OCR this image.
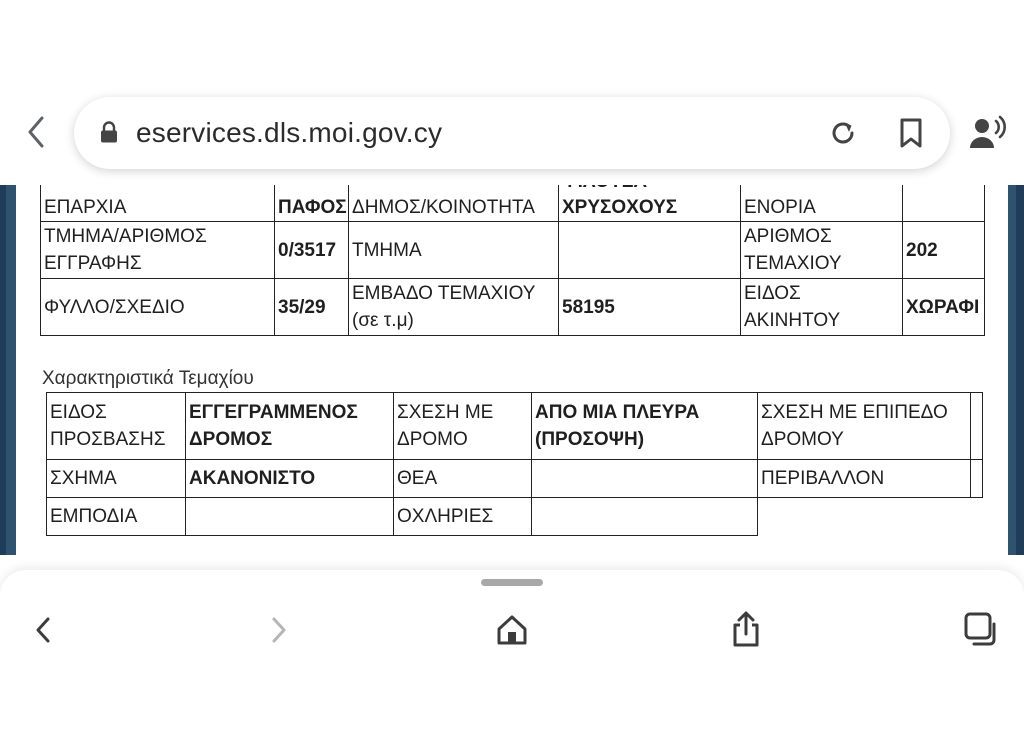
ΕΠΑΡΧΙΑ	ΠΑΦΟΣ	ΔΗΜΟΣ/ΚΟΙΝΟΤΗΤΑ	ΧΡΥΣΟΧΟΥΣ	ΕΝΟΡΙΑ	
ΤΜΗΜΑ/ΑΡΙΘΜΟΣ ΕΓΓΡΑΦΗΣ	0/3517	ΤΜΗΜΑ		ΑΡΙΘΜΟΣ ΤΕΜΑΧΙΟΥ	202
ΦΥΛΛΟ/ΣΧΕΔΙΟ	35/29	ΕΜΒΑΔΟ ΤΕΜΑΧΙΟΥ (σε τ.μ)	58195	ΕΙΔΟΣ ΑΚΙΝΗΤΟΥ	ΧΩΡΑΦΙ
Χαρακτηριστικά Τεμαχίου
ΕΙΔΟΣ ΠΡΟΣΒΑΣΗΣ	ΕΓΓΕΓΡΑΜΜΕΝΟΣ ΔΡΟΜΟΣ	ΣΧΕΣΗ ΜΕ ΔΡΟΜΟ	ΑΠΟ ΜΙΑ ΠΛΕΥΡΑ (ΠΡΟΣΟΨΗ)	ΣΧΕΣΗ ΜΕ ΕΠΙΠΕΔΟ ΔΡΟΜΟΥ	
ΣΧΗΜΑ	ΑΚΑΝΟΝΙΣΤΟ	ΘΕΑ		ΠΕΡΙΒΑΛΛΟΝ	
ΕΜΠΟΔΙΑ		ΟΧΛΗΡΙΕΣ			
eservices.dls.moi.gov.cy
